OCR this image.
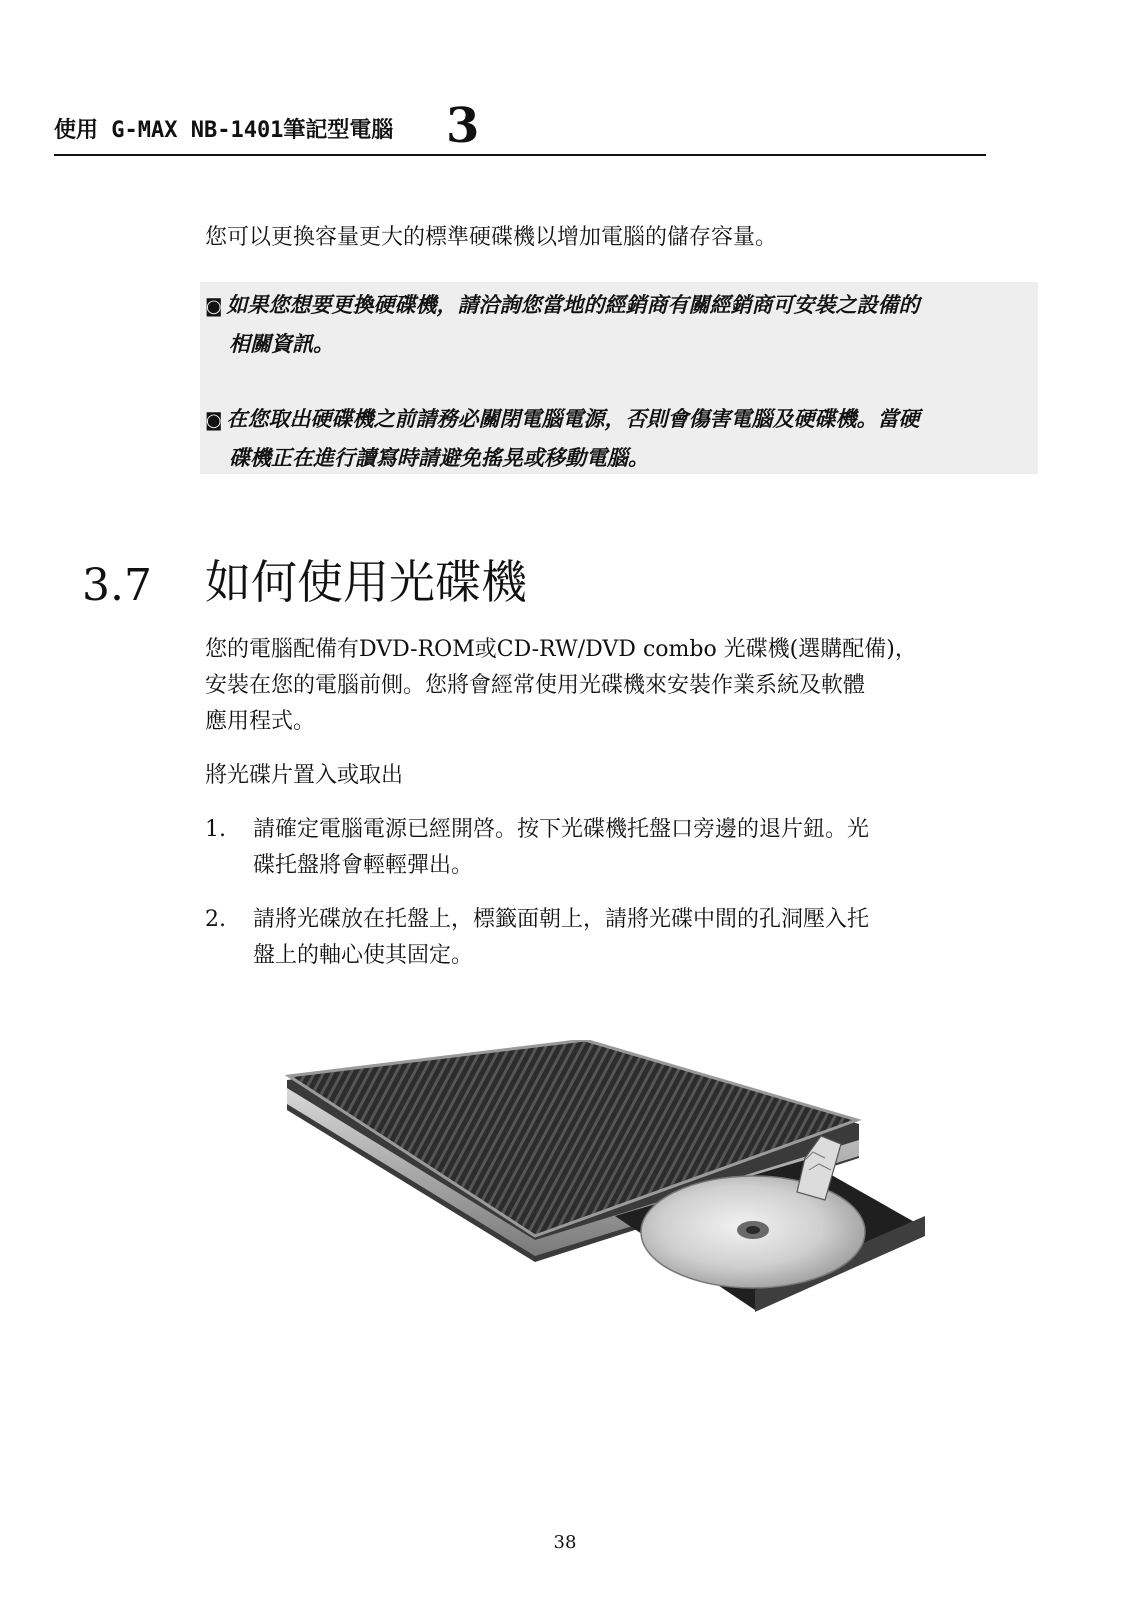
使用 G-MAX NB-1401筆記型電腦 3

您可以更換容量更大的標準硬碟機以增加電腦的儲存容量。

◙ 如果您想要更換硬碟機，請洽詢您當地的經銷商有關經銷商可安裝之設備的
相關資訊。

◙ 在您取出硬碟機之前請務必關閉電腦電源，否則會傷害電腦及硬碟機。當硬
碟機正在進行讀寫時請避免搖晃或移動電腦。

3.7 如何使用光碟機

您的電腦配備有DVD-ROM或CD-RW/DVD combo 光碟機(選購配備)，
安裝在您的電腦前側。您將會經常使用光碟機來安裝作業系統及軟體
應用程式。

將光碟片置入或取出

1. 請確定電腦電源已經開啓。按下光碟機托盤口旁邊的退片鈕。光
碟托盤將會輕輕彈出。

2. 請將光碟放在托盤上，標籤面朝上，請將光碟中間的孔洞壓入托
盤上的軸心使其固定。

38
